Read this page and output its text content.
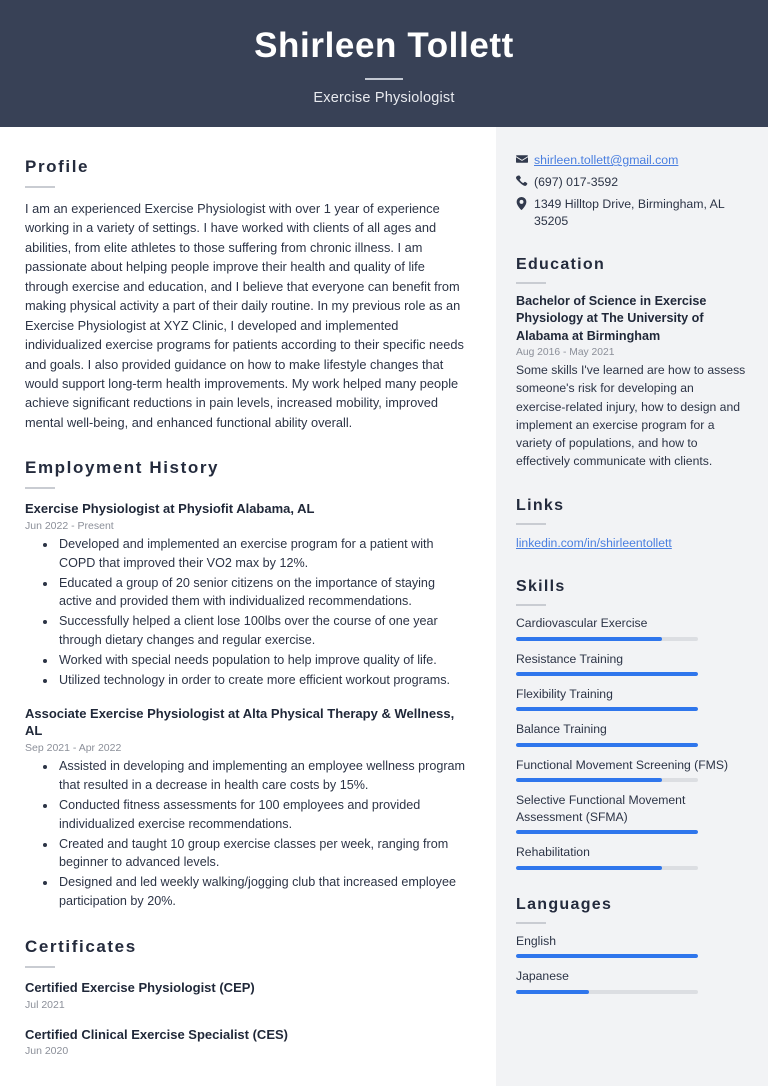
Shirleen Tollett
Exercise Physiologist
Profile
I am an experienced Exercise Physiologist with over 1 year of experience working in a variety of settings. I have worked with clients of all ages and abilities, from elite athletes to those suffering from chronic illness. I am passionate about helping people improve their health and quality of life through exercise and education, and I believe that everyone can benefit from making physical activity a part of their daily routine. In my previous role as an Exercise Physiologist at XYZ Clinic, I developed and implemented individualized exercise programs for patients according to their specific needs and goals. I also provided guidance on how to make lifestyle changes that would support long-term health improvements. My work helped many people achieve significant reductions in pain levels, increased mobility, improved mental well-being, and enhanced functional ability overall.
Employment History
Exercise Physiologist at Physiofit Alabama, AL
Jun 2022 - Present
• Developed and implemented an exercise program for a patient with COPD that improved their VO2 max by 12%.
• Educated a group of 20 senior citizens on the importance of staying active and provided them with individualized recommendations.
• Successfully helped a client lose 100lbs over the course of one year through dietary changes and regular exercise.
• Worked with special needs population to help improve quality of life.
• Utilized technology in order to create more efficient workout programs.
Associate Exercise Physiologist at Alta Physical Therapy & Wellness, AL
Sep 2021 - Apr 2022
• Assisted in developing and implementing an employee wellness program that resulted in a decrease in health care costs by 15%.
• Conducted fitness assessments for 100 employees and provided individualized exercise recommendations.
• Created and taught 10 group exercise classes per week, ranging from beginner to advanced levels.
• Designed and led weekly walking/jogging club that increased employee participation by 20%.
Certificates
Certified Exercise Physiologist (CEP)
Jul 2021
Certified Clinical Exercise Specialist (CES)
Jun 2020
shirleen.tollett@gmail.com
(697) 017-3592
1349 Hilltop Drive, Birmingham, AL 35205
Education
Bachelor of Science in Exercise Physiology at The University of Alabama at Birmingham
Aug 2016 - May 2021
Some skills I've learned are how to assess someone's risk for developing an exercise-related injury, how to design and implement an exercise program for a variety of populations, and how to effectively communicate with clients.
Links
linkedin.com/in/shirleentollett
Skills
Cardiovascular Exercise
Resistance Training
Flexibility Training
Balance Training
Functional Movement Screening (FMS)
Selective Functional Movement Assessment (SFMA)
Rehabilitation
Languages
English
Japanese
